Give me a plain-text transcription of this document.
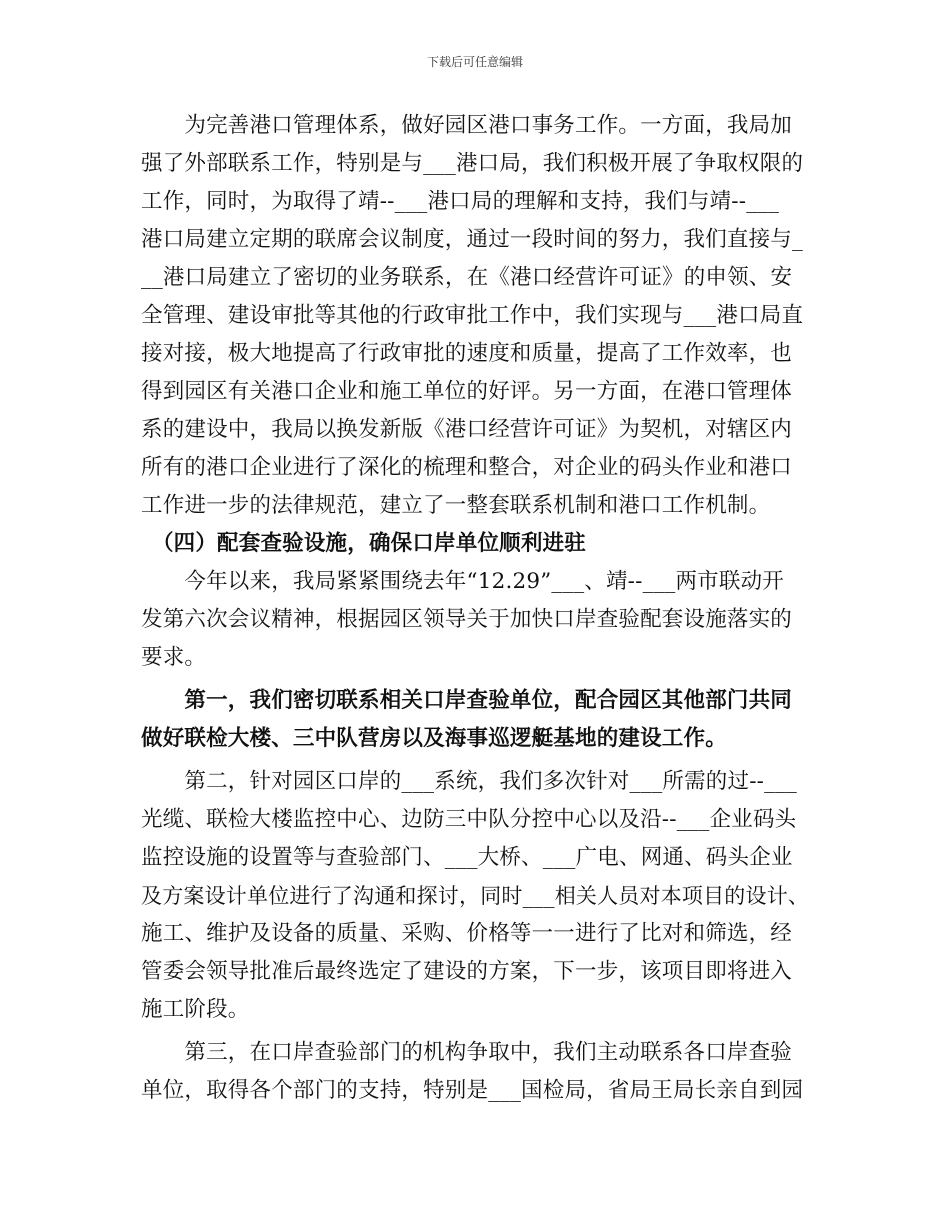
下载后可任意编辑
　　为完善港口管理体系，做好园区港口事务工作。一方面，我局加
强了外部联系工作，特别是与___港口局，我们积极开展了争取权限的
工作，同时，为取得了靖--___港口局的理解和支持，我们与靖--___
港口局建立定期的联席会议制度，通过一段时间的努力，我们直接与_
__港口局建立了密切的业务联系，在《港口经营许可证》的申领、安
全管理、建设审批等其他的行政审批工作中，我们实现与___港口局直
接对接，极大地提高了行政审批的速度和质量，提高了工作效率，也
得到园区有关港口企业和施工单位的好评。另一方面，在港口管理体
系的建设中，我局以换发新版《港口经营许可证》为契机，对辖区内
所有的港口企业进行了深化的梳理和整合，对企业的码头作业和港口
工作进一步的法律规范，建立了一整套联系机制和港口工作机制。
　（四）配套查验设施，确保口岸单位顺利进驻
　　今年以来，我局紧紧围绕去年“12.29”___、靖--___两市联动开
发第六次会议精神，根据园区领导关于加快口岸查验配套设施落实的
要求。
　　第一，我们密切联系相关口岸查验单位，配合园区其他部门共同
做好联检大楼、三中队营房以及海事巡逻艇基地的建设工作。
　　第二，针对园区口岸的___系统，我们多次针对___所需的过--___
光缆、联检大楼监控中心、边防三中队分控中心以及沿--___企业码头
监控设施的设置等与查验部门、___大桥、___广电、网通、码头企业
及方案设计单位进行了沟通和探讨，同时___相关人员对本项目的设计、
施工、维护及设备的质量、采购、价格等一一进行了比对和筛选，经
管委会领导批准后最终选定了建设的方案，下一步，该项目即将进入
施工阶段。
　　第三，在口岸查验部门的机构争取中，我们主动联系各口岸查验
单位，取得各个部门的支持，特别是___国检局，省局王局长亲自到园
